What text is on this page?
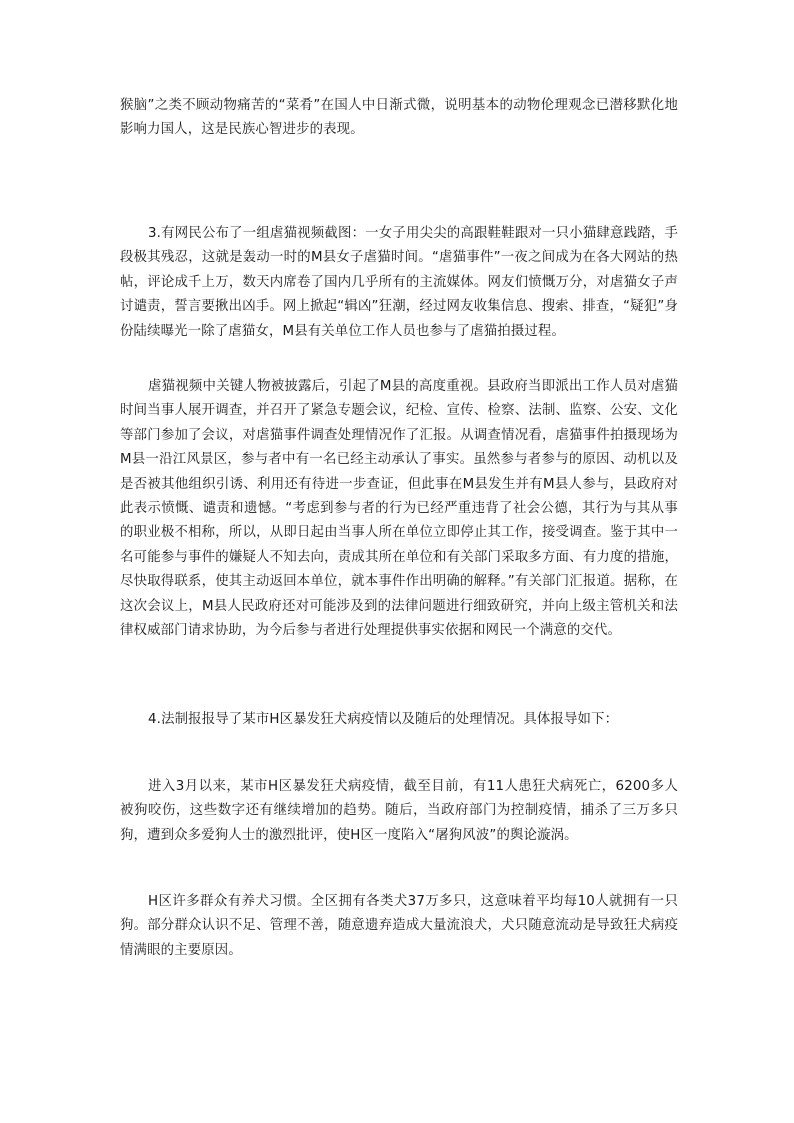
猴脑”之类不顾动物痛苦的“菜肴”在国人中日渐式微，说明基本的动物伦理观念已潜移默化地影响力国人，这是民族心智进步的表现。

3.有网民公布了一组虐猫视频截图：一女子用尖尖的高跟鞋鞋跟对一只小猫肆意践踏，手段极其残忍，这就是轰动一时的M县女子虐猫时间。“虐猫事件”一夜之间成为在各大网站的热帖，评论成千上万，数天内席卷了国内几乎所有的主流媒体。网友们愤慨万分，对虐猫女子声讨谴责，誓言要揪出凶手。网上掀起“辑凶”狂潮，经过网友收集信息、搜索、排查，“疑犯”身份陆续曝光一除了虐猫女，M县有关单位工作人员也参与了虐猫拍摄过程。

虐猫视频中关键人物被披露后，引起了M县的高度重视。县政府当即派出工作人员对虐猫时间当事人展开调查，并召开了紧急专题会议，纪检、宣传、检察、法制、监察、公安、文化等部门参加了会议，对虐猫事件调查处理情况作了汇报。从调查情况看，虐猫事件拍摄现场为M县一沿江风景区，参与者中有一名已经主动承认了事实。虽然参与者参与的原因、动机以及是否被其他组织引诱、利用还有待进一步查证，但此事在M县发生并有M县人参与，县政府对此表示愤慨、谴责和遗憾。“考虑到参与者的行为已经严重违背了社会公德，其行为与其从事的职业极不相称，所以，从即日起由当事人所在单位立即停止其工作，接受调查。鉴于其中一名可能参与事件的嫌疑人不知去向，责成其所在单位和有关部门采取多方面、有力度的措施，尽快取得联系，使其主动返回本单位，就本事件作出明确的解释。”有关部门汇报道。据称，在这次会议上，M县人民政府还对可能涉及到的法律问题进行细致研究，并向上级主管机关和法律权威部门请求协助，为今后参与者进行处理提供事实依据和网民一个满意的交代。

4.法制报报导了某市H区暴发狂犬病疫情以及随后的处理情况。具体报导如下：

进入3月以来，某市H区暴发狂犬病疫情，截至目前，有11人患狂犬病死亡，6200多人被狗咬伤，这些数字还有继续增加的趋势。随后，当政府部门为控制疫情，捕杀了三万多只狗，遭到众多爱狗人士的激烈批评，使H区一度陷入“屠狗风波”的舆论漩涡。

H区许多群众有养犬习惯。全区拥有各类犬37万多只，这意味着平均每10人就拥有一只狗。部分群众认识不足、管理不善，随意遗弃造成大量流浪犬，犬只随意流动是导致狂犬病疫情满眼的主要原因。
